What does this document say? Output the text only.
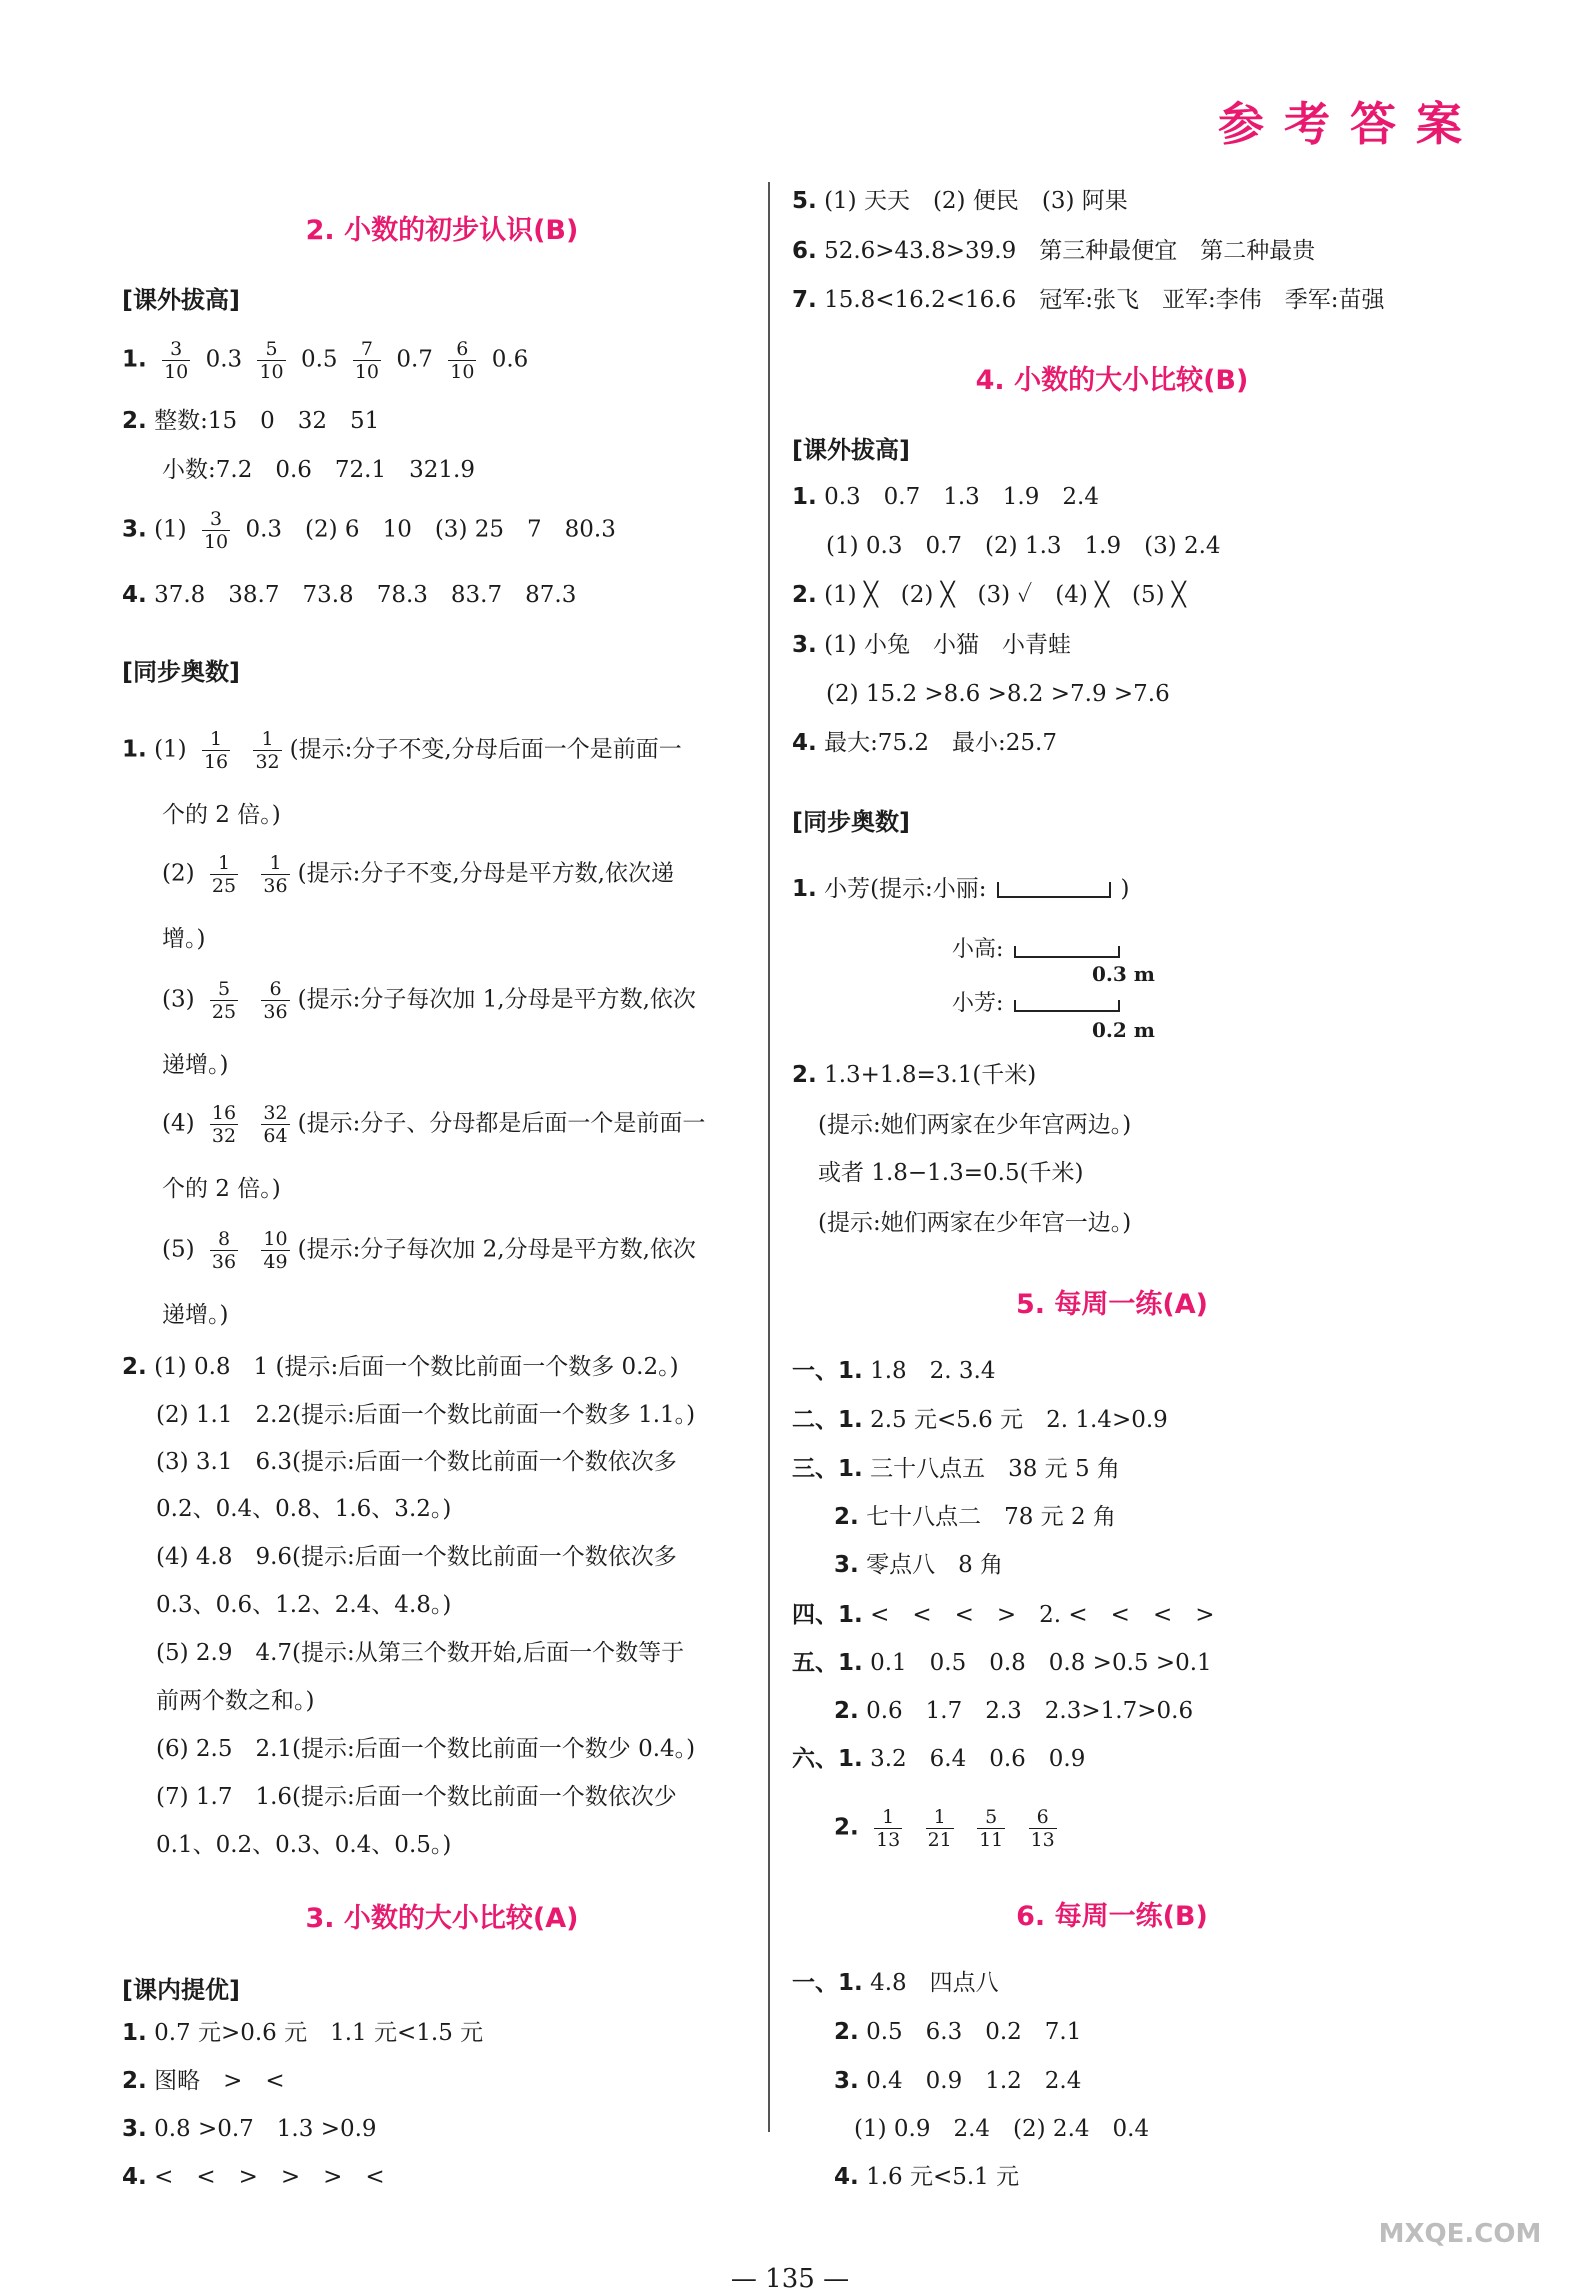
参考答案
2. 小数的初步认识(B)
[课外拔高]
1. $\frac{3}{10} 0.3 \frac{5}{10} 0.5 \frac{7}{10} 0.7 \frac{6}{10} 0.6$
2. 整数:15　0　32　51
小数:7.2　0.6　72.1　321.9
3. $(1) \frac{3}{10} 0.3$　(2) 6　10　(3) 25　7　80.3
4. 37.8　38.7　73.8　78.3　83.7　87.3
[同步奥数]
1. $(1) \frac{1}{16}$
$\frac{1}{32}$ (提示:分子不变,分母后面一个是前面一
个的 2 倍。)
$(2) \frac{1}{25}$
$\frac{1}{36}$ (提示:分子不变,分母是平方数,依次递
增。)
$(3) \frac{5}{25}$
$\frac{6}{36}$ (提示:分子每次加 1,分母是平方数,依次
递增。)
$(4) \frac{16}{32}$
$\frac{32}{64}$ (提示:分子、分母都是后面一个是前面一
个的 2 倍。)
$(5) \frac{8}{36}$
$\frac{10}{49}$ (提示:分子每次加 2,分母是平方数,依次
递增。)
2. (1) 0.8　1 (提示:后面一个数比前面一个数多 0.2。)
(2) 1.1　2.2(提示:后面一个数比前面一个数多 1.1。)
(3) 3.1　6.3(提示:后面一个数比前面一个数依次多
0.2、0.4、0.8、1.6、3.2。)
(4) 4.8　9.6(提示:后面一个数比前面一个数依次多
0.3、0.6、1.2、2.4、4.8。)
(5) 2.9　4.7(提示:从第三个数开始,后面一个数等于
前两个数之和。)
(6) 2.5　2.1(提示:后面一个数比前面一个数少 0.4。)
(7) 1.7　1.6(提示:后面一个数比前面一个数依次少
0.1、0.2、0.3、0.4、0.5。)
3. 小数的大小比较(A)
[课内提优]
1. 0.7 元>0.6 元　1.1 元<1.5 元
2. 图略　>　<
3. 0.8 >0.7　1.3 >0.9
4. <　<　>　>　>　<
5. (1) 天天　(2) 便民　(3) 阿果
6. 52.6>43.8>39.9　第三种最便宜　第二种最贵
7. 15.8<16.2<16.6　冠军:张飞　亚军:李伟　季军:苗强
4. 小数的大小比较(B)
[课外拔高]
1. 0.3　0.7　1.3　1.9　2.4
(1) 0.3　0.7　(2) 1.3　1.9　(3) 2.4
2. (1) ╳　(2) ╳　(3) ✓　(4) ╳　(5) ╳
3. (1) 小兔　小猫　小青蛙
(2) 15.2 >8.6 >8.2 >7.9 >7.6
4. 最大:75.2　最小:25.7
[同步奥数]
1. 小芳(提示:小丽:	)
小高:
0.3 m
小芳:
0.2 m
2. 1.3+1.8=3.1(千米)
(提示:她们两家在少年宫两边。)
或者 1.8−1.3=0.5(千米)
(提示:她们两家在少年宫一边。)
5. 每周一练(A)
一、1. 1.8　2. 3.4
二、1. 2.5 元<5.6 元　2. 1.4>0.9
三、1. 三十八点五　38 元 5 角
2. 七十八点二　78 元 2 角
3. 零点八　8 角
四、1. <　<　<　>　2. <　<　<　>
五、1. 0.1　0.5　0.8　0.8 >0.5 >0.1
2. 0.6　1.7　2.3　2.3>1.7>0.6
六、1. 3.2　6.4　0.6　0.9
2. $\frac{1}{13}$
$\frac{1}{21}$
$\frac{5}{11}$
$\frac{6}{13}$
6. 每周一练(B)
一、1. 4.8　四点八
2. 0.5　6.3　0.2　7.1
3. 0.4　0.9　1.2　2.4
(1) 0.9　2.4　(2) 2.4　0.4
4. 1.6 元<5.1 元
— 135 —
MXQE.COM
